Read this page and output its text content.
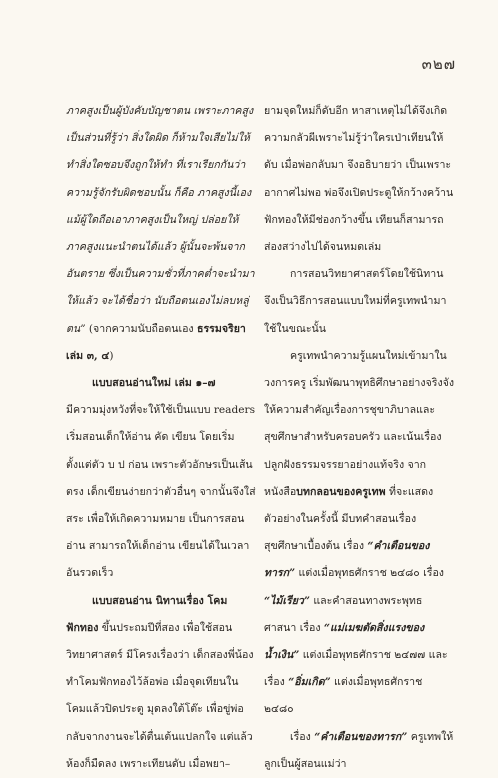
๓๒๗

ภาคสูงเป็นผู้บังคับบัญชาตน เพราะภาคสูงเป็นส่วนที่รู้ว่า สิ่งใดผิด ก็ห้ามใจเสียไม่ให้ทำสิ่งใดซอบจึงถูกให้ทำ ที่เราเรียกกันว่า ความรู้จักรับผิดชอบนั้น ก็คือ ภาคสูงนี้เอง แม้ผู้ใดถือเอาภาคสูงเป็นใหญ่ ปล่อยให้ภาคสูงแนะนำตนได้แล้ว ผู้นั้นจะพ้นจากอันตราย ซึ่งเป็นความชั่วที่ภาคต่ำจะนำมาให้แล้ว จะได้ชื่อว่า นับถือตนเองไม่ลบหลู่ตน” (จากความนับถือตนเอง ธรรมจริยา เล่ม ๓, ๔)

แบบสอนอ่านใหม่ เล่ม ๑–๗

มีความมุ่งหวังที่จะให้ใช้เป็นแบบ readers เริ่มสอนเด็กให้อ่าน คัด เขียน โดยเริ่มตั้งแต่ตัว บ ป ก่อน เพราะตัวอักษรเป็นเส้นตรง เด็กเขียนง่ายกว่าตัวอื่นๆ จากนั้นจึงใส่สระ เพื่อให้เกิดความหมาย เป็นการสอนอ่าน สามารถให้เด็กอ่าน เขียนได้ในเวลาอันรวดเร็ว

แบบสอนอ่าน นิทานเรื่อง โคมฟักทอง ขึ้นประถมปีที่สอง เพื่อใช้สอนวิทยาศาสตร์ มีโครงเรื่องว่า เด็กสองพี่น้องทำโคมฟักทองไว้ล้อพ่อ เมื่อจุดเทียนในโคมแล้วปิดประตู มุดลงใต้โต๊ะ เพื่อขู่พ่อกลับจากงานจะได้ตื่นเต้นแปลกใจ แต่แล้วห้องก็มืดลง เพราะเทียนดับ เมื่อพยา–

ยามจุดใหม่ก็ดับอีก หาสาเหตุไม่ได้จึงเกิดความกลัวผีเพราะไม่รู้ว่าใครเป่าเทียนให้ดับ เมื่อพ่อกลับมา จึงอธิบายว่า เป็นเพราะอากาศไม่พอ พ่อจึงเปิดประตูให้กว้างคว้านฟักทองให้มีช่องกว้างขึ้น เทียนก็สามารถส่องสว่างไปได้จนหมดเล่ม

การสอนวิทยาศาสตร์โดยใช้นิทานจึงเป็นวิธีการสอนแบบใหม่ที่ครูเทพนำมาใช้ในขณะนั้น

ครูเทพนำความรู้แผนใหม่เข้ามาในวงการครู เริ่มพัฒนาพุทธิศึกษาอย่างจริงจัง ให้ความสำคัญเรื่องการชุขาภิบาลและสุขศึกษาสำหรับครอบครัว และเน้นเรื่องปลูกฝังธรรมจรรยาอย่างแท้จริง จากหนังสือบทกลอนของครูเทพ ที่จะแสดงตัวอย่างในครั้งนี้ มีบทคำสอนเรื่องสุขศึกษาเบื้องต้น เรื่อง “คำเตือนของทารก” แต่งเมื่อพุทธศักราช ๒๔๘๐ เรื่อง “ไม้เรียว” และคำสอนทางพระพุทธศาสนา เรื่อง “แม่เมฆตัดสิ่งแรงของน้ำเงิน” แต่งเมื่อพุทธศักราช ๒๔๗๗ และเรื่อง “อิ่มเกิด” แต่งเมื่อพุทธศักราช ๒๔๘๐

เรื่อง “คำเตือนของทารก” ครูเทพให้ลูกเป็นผู้สอนแม่ว่า
